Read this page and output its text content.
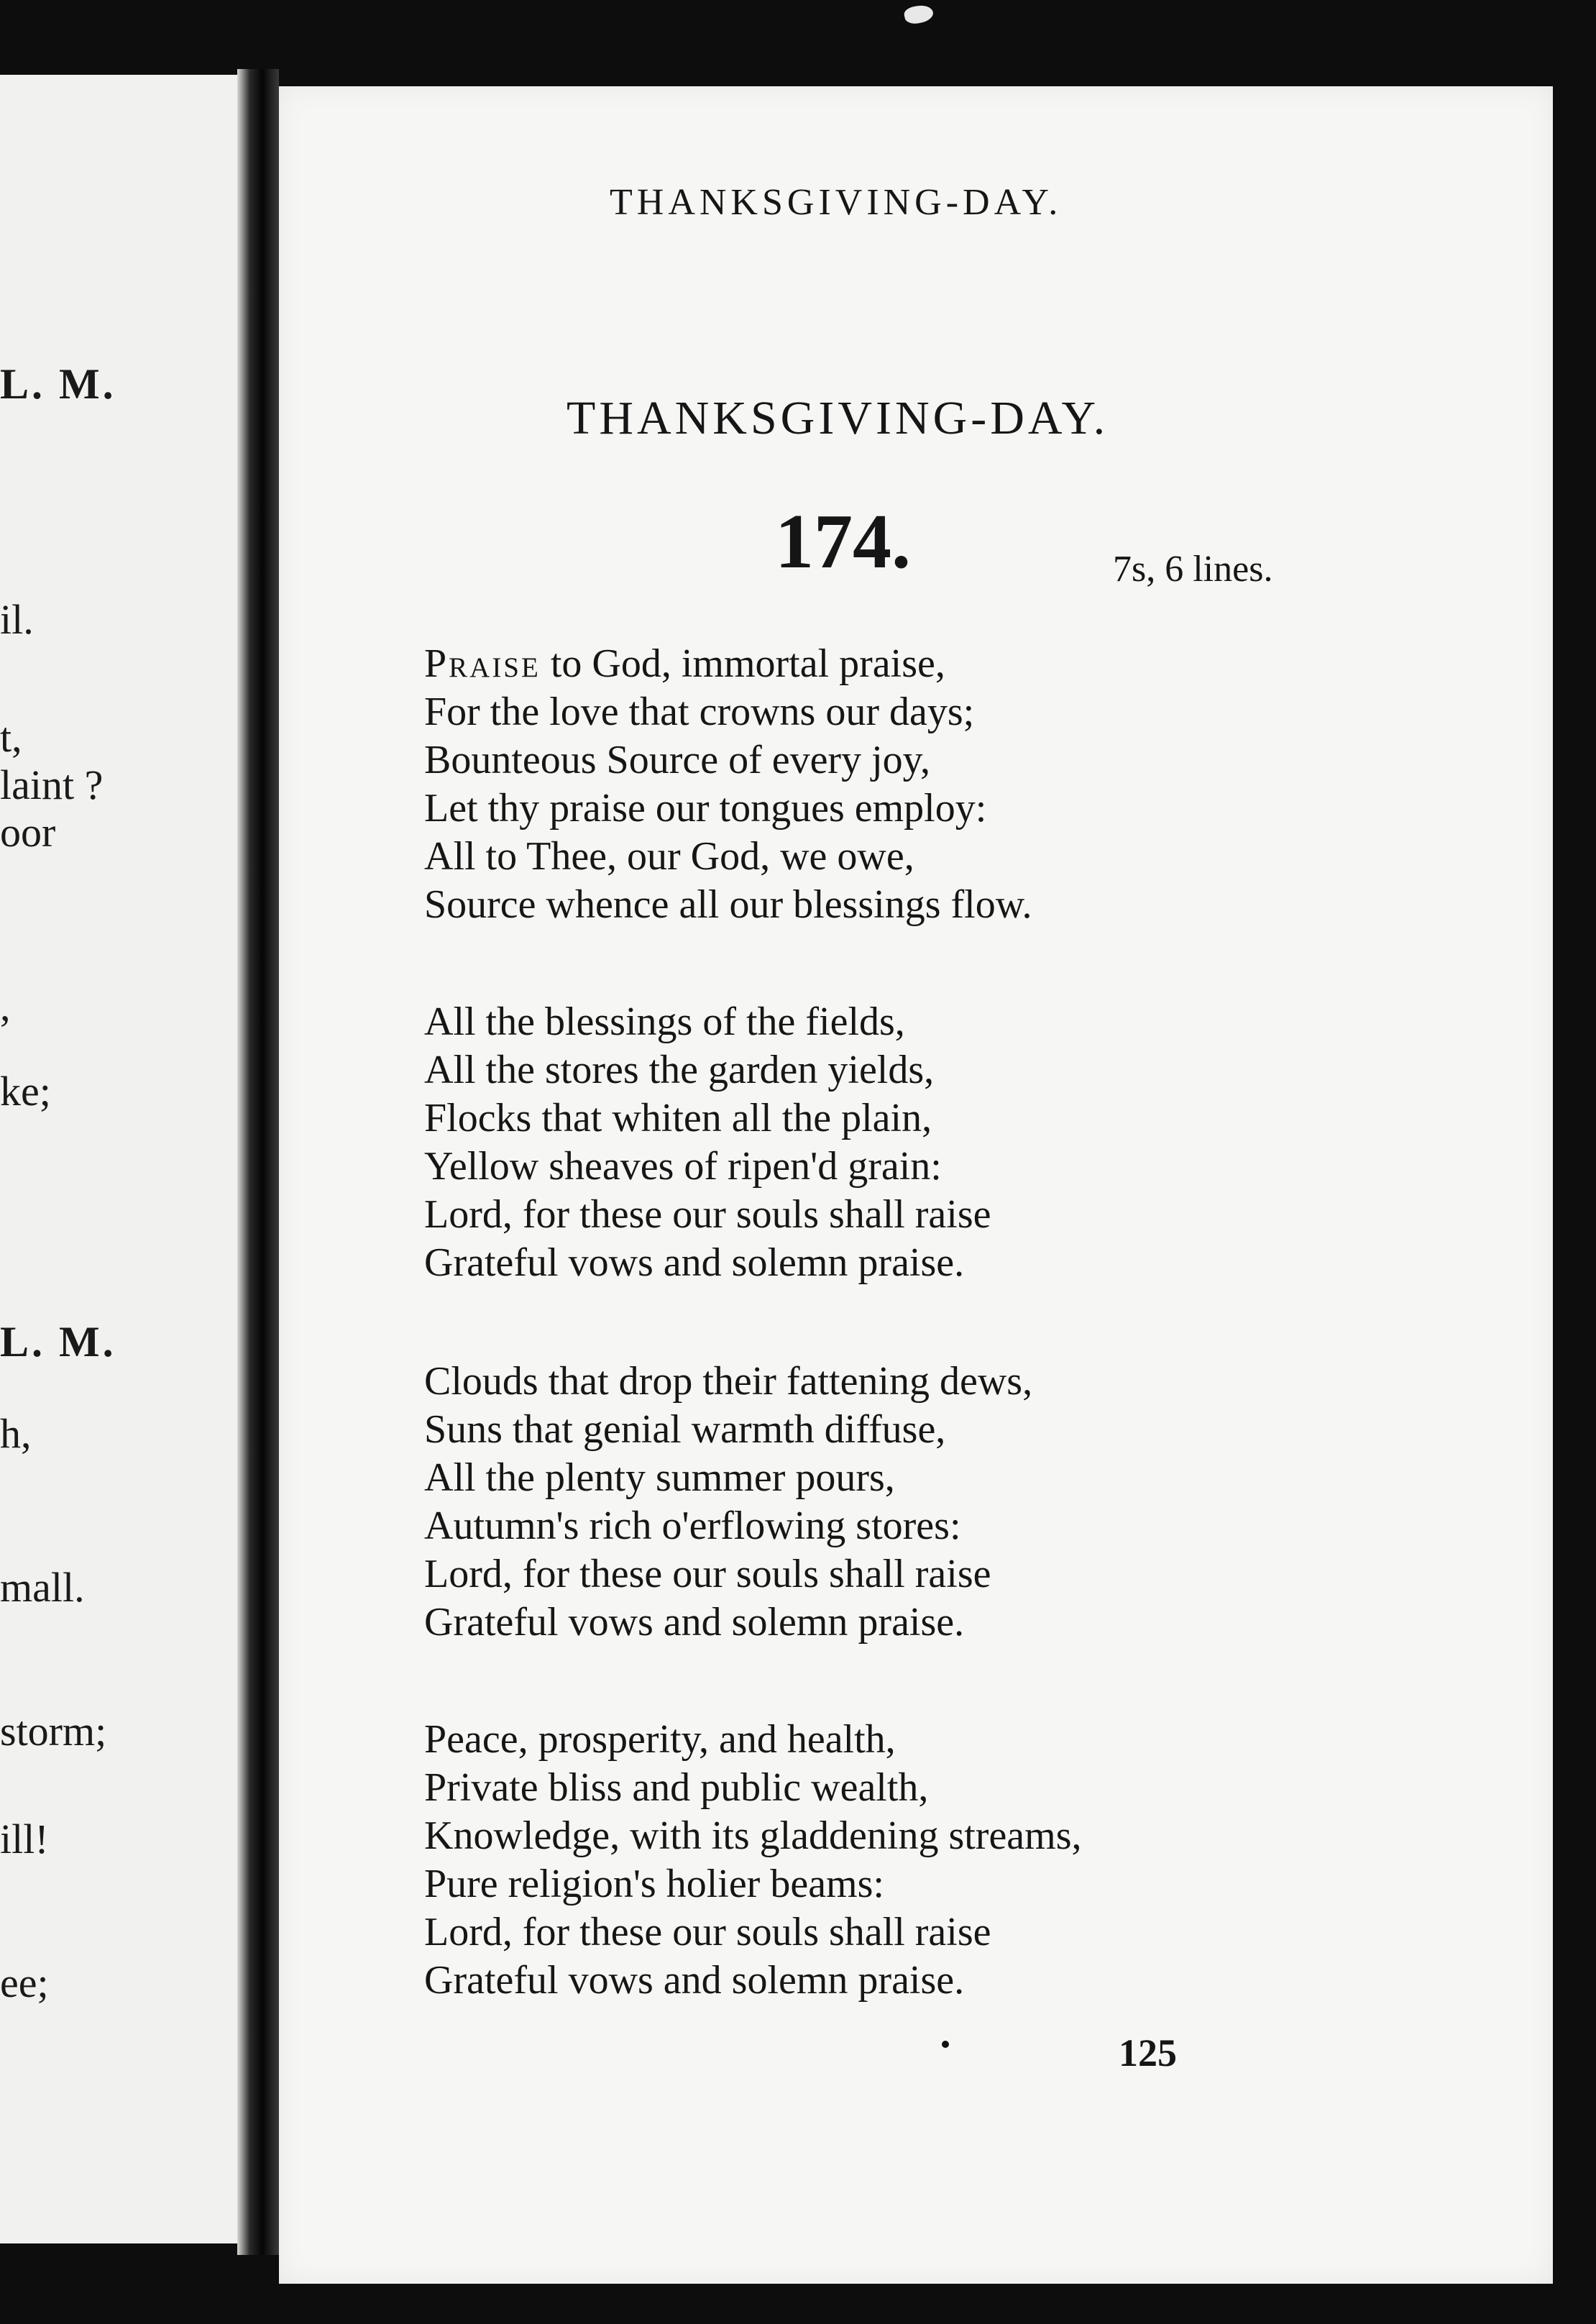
L. M.
il.
t,
laint ?
oor
,
ke;
L. M.
h,
mall.
storm;
ill!
ee;
THANKSGIVING-DAY.
THANKSGIVING-DAY.
174.	7s, 6 lines.
Praise to God, immortal praise,
For the love that crowns our days;
Bounteous Source of every joy,
Let thy praise our tongues employ:
All to Thee, our God, we owe,
Source whence all our blessings flow.
All the blessings of the fields,
All the stores the garden yields,
Flocks that whiten all the plain,
Yellow sheaves of ripen'd grain:
Lord, for these our souls shall raise
Grateful vows and solemn praise.
Clouds that drop their fattening dews,
Suns that genial warmth diffuse,
All the plenty summer pours,
Autumn's rich o'erflowing stores:
Lord, for these our souls shall raise
Grateful vows and solemn praise.
Peace, prosperity, and health,
Private bliss and public wealth,
Knowledge, with its gladdening streams,
Pure religion's holier beams:
Lord, for these our souls shall raise
Grateful vows and solemn praise.
125
